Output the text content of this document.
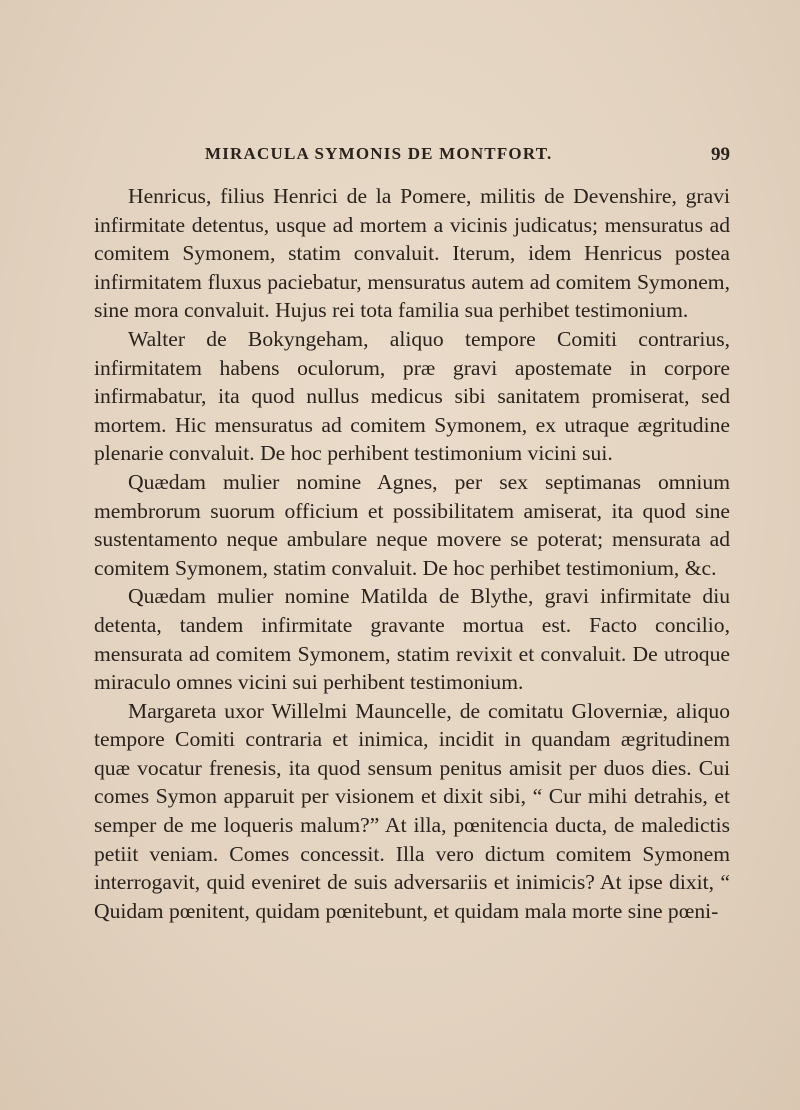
MIRACULA SYMONIS DE MONTFORT.	99

Henricus, filius Henrici de la Pomere, militis de Devenshire, gravi infirmitate detentus, usque ad mortem a vicinis judicatus; mensuratus ad comitem Symonem, statim convaluit. Iterum, idem Henricus postea infirmitatem fluxus paciebatur, mensuratus autem ad comitem Symonem, sine mora convaluit. Hujus rei tota familia sua perhibet testimonium.

Walter de Bokyngeham, aliquo tempore Comiti contrarius, infirmitatem habens oculorum, præ gravi apostemate in corpore infirmabatur, ita quod nullus medicus sibi sanitatem promiserat, sed mortem. Hic mensuratus ad comitem Symonem, ex utraque ægritudine plenarie convaluit. De hoc perhibent testimonium vicini sui.

Quædam mulier nomine Agnes, per sex septimanas omnium membrorum suorum officium et possibilitatem amiserat, ita quod sine sustentamento neque ambulare neque movere se poterat; mensurata ad comitem Symonem, statim convaluit. De hoc perhibet testimonium, &c.

Quædam mulier nomine Matilda de Blythe, gravi infirmitate diu detenta, tandem infirmitate gravante mortua est. Facto concilio, mensurata ad comitem Symonem, statim revixit et convaluit. De utroque miraculo omnes vicini sui perhibent testimonium.

Margareta uxor Willelmi Mauncelle, de comitatu Gloverniæ, aliquo tempore Comiti contraria et inimica, incidit in quandam ægritudinem quæ vocatur frenesis, ita quod sensum penitus amisit per duos dies. Cui comes Symon apparuit per visionem et dixit sibi, “ Cur mihi detrahis, et semper de me loqueris malum?” At illa, pœnitencia ducta, de maledictis petiit veniam. Comes concessit. Illa vero dictum comitem Symonem interrogavit, quid eveniret de suis adversariis et inimicis? At ipse dixit, “ Quidam pœnitent, quidam pœnitebunt, et quidam mala morte sine pœni-
